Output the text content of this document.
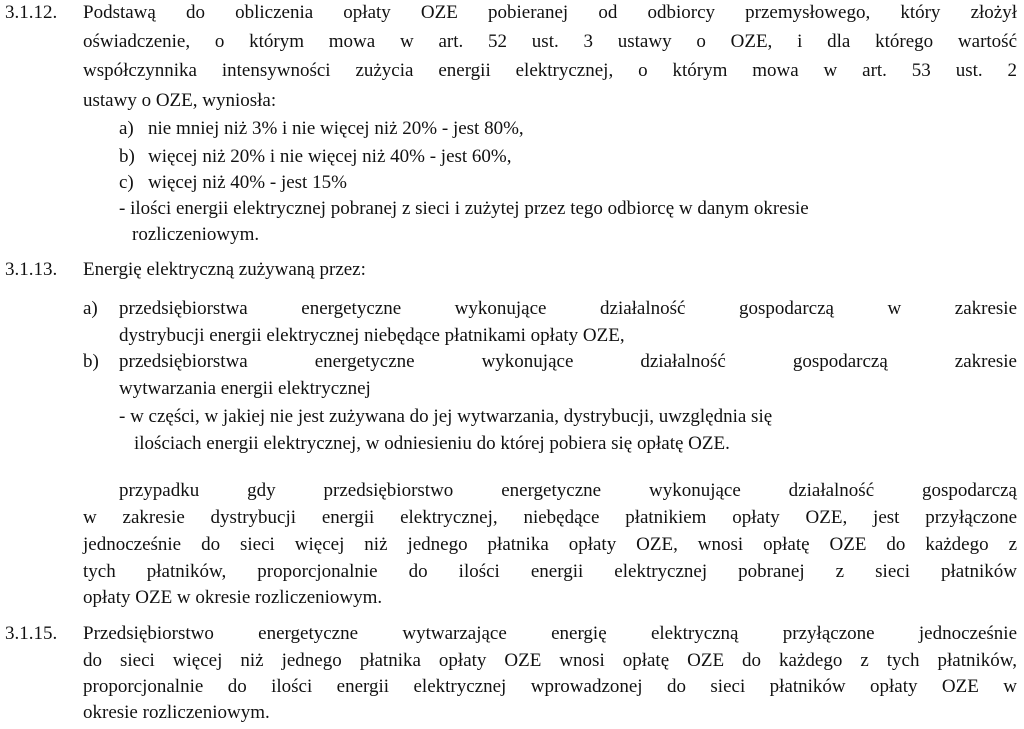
3.1.12. Podstawą do obliczenia opłaty OZE pobieranej od odbiorcy przemysłowego, który złożył
oświadczenie, o którym mowa w art. 52 ust. 3 ustawy o OZE, i dla którego wartość
współczynnika intensywności zużycia energii elektrycznej, o którym mowa w art. 53 ust. 2
ustawy o OZE, wyniosła:
a) nie mniej niż 3% i nie więcej niż 20% - jest 80%,
b) więcej niż 20% i nie więcej niż 40% - jest 60%,
c) więcej niż 40% - jest 15%
- ilości energii elektrycznej pobranej z sieci i zużytej przez tego odbiorcę w danym okresie
rozliczeniowym.
3.1.13. Energię elektryczną zużywaną przez:
a) przedsiębiorstwa energetyczne wykonujące działalność gospodarczą w zakresie
dystrybucji energii elektrycznej niebędące płatnikami opłaty OZE,
b) przedsiębiorstwa energetyczne wykonujące działalność gospodarczą zakresie
wytwarzania energii elektrycznej
- w części, w jakiej nie jest zużywana do jej wytwarzania, dystrybucji, uwzględnia się
ilościach energii elektrycznej, w odniesieniu do której pobiera się opłatę OZE.
przypadku gdy przedsiębiorstwo energetyczne wykonujące działalność gospodarczą
w zakresie dystrybucji energii elektrycznej, niebędące płatnikiem opłaty OZE, jest przyłączone
jednocześnie do sieci więcej niż jednego płatnika opłaty OZE, wnosi opłatę OZE do każdego z
tych płatników, proporcjonalnie do ilości energii elektrycznej pobranej z sieci płatników
opłaty OZE w okresie rozliczeniowym.
3.1.15. Przedsiębiorstwo energetyczne wytwarzające energię elektryczną przyłączone jednocześnie
do sieci więcej niż jednego płatnika opłaty OZE wnosi opłatę OZE do każdego z tych płatników,
proporcjonalnie do ilości energii elektrycznej wprowadzonej do sieci płatników opłaty OZE w
okresie rozliczeniowym.
